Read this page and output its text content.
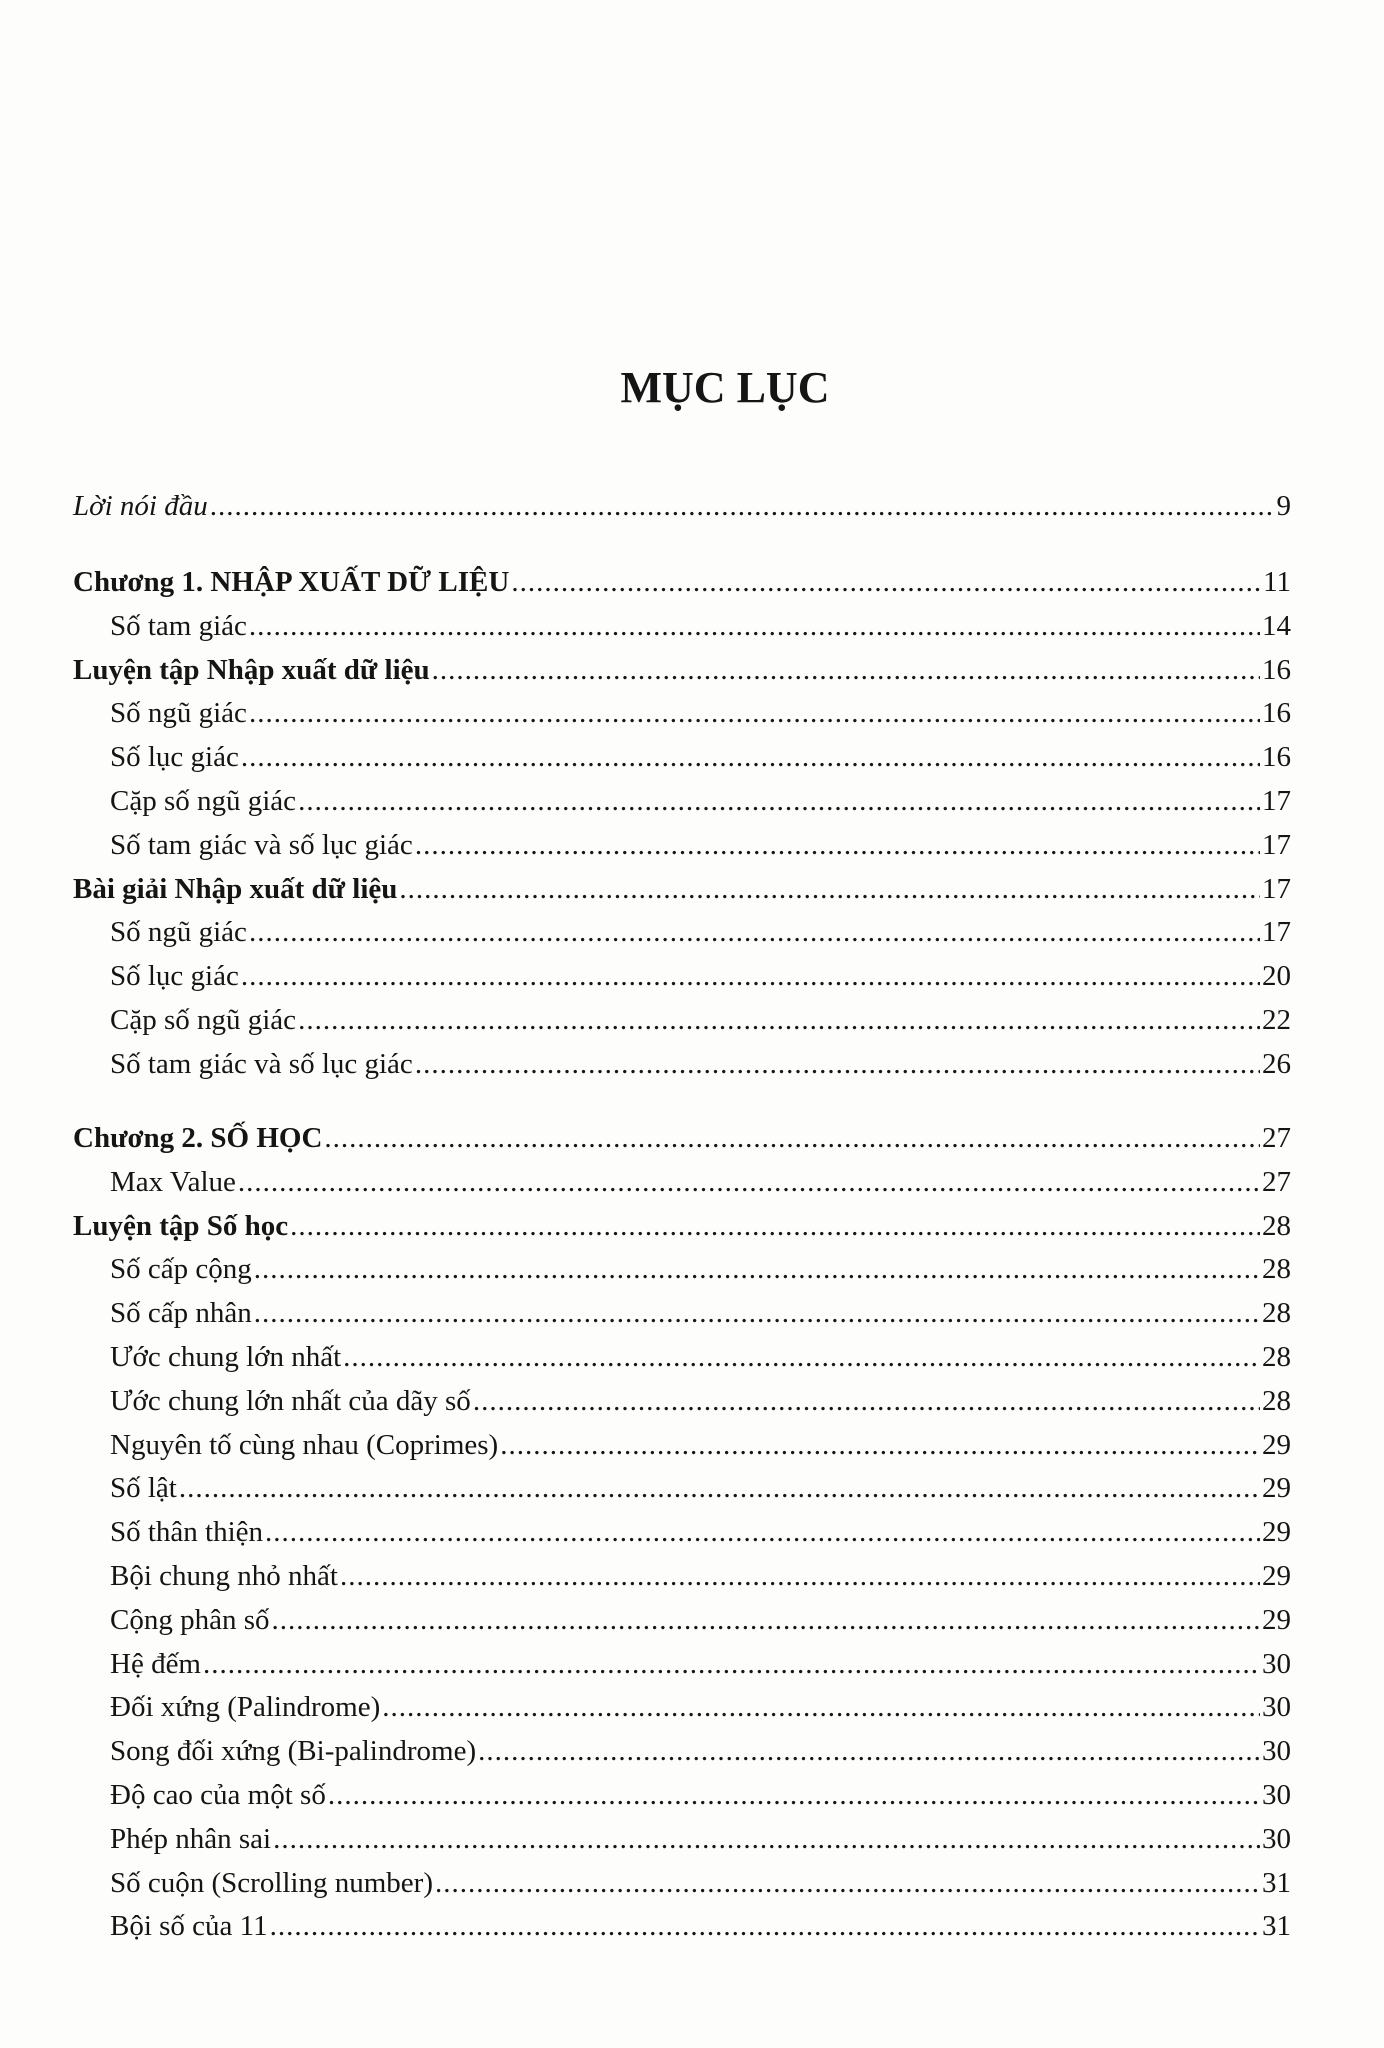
MỤC LỤC
Lời nói đầu .....	9
Chương 1. NHẬP XUẤT DỮ LIỆU .....	11
Số tam giác .....	14
Luyện tập Nhập xuất dữ liệu .....	16
Số ngũ giác .....	16
Số lục giác .....	16
Cặp số ngũ giác .....	17
Số tam giác và số lục giác .....	17
Bài giải Nhập xuất dữ liệu .....	17
Số ngũ giác .....	17
Số lục giác .....	20
Cặp số ngũ giác .....	22
Số tam giác và số lục giác .....	26
Chương 2. SỐ HỌC .....	27
Max Value .....	27
Luyện tập Số học .....	28
Số cấp cộng .....	28
Số cấp nhân .....	28
Ước chung lớn nhất .....	28
Ước chung lớn nhất của dãy số .....	28
Nguyên tố cùng nhau (Coprimes) .....	29
Số lật .....	29
Số thân thiện .....	29
Bội chung nhỏ nhất .....	29
Cộng phân số .....	29
Hệ đếm .....	30
Đối xứng (Palindrome) .....	30
Song đối xứng (Bi-palindrome) .....	30
Độ cao của một số .....	30
Phép nhân sai .....	30
Số cuộn (Scrolling number) .....	31
Bội số của 11 .....	31
